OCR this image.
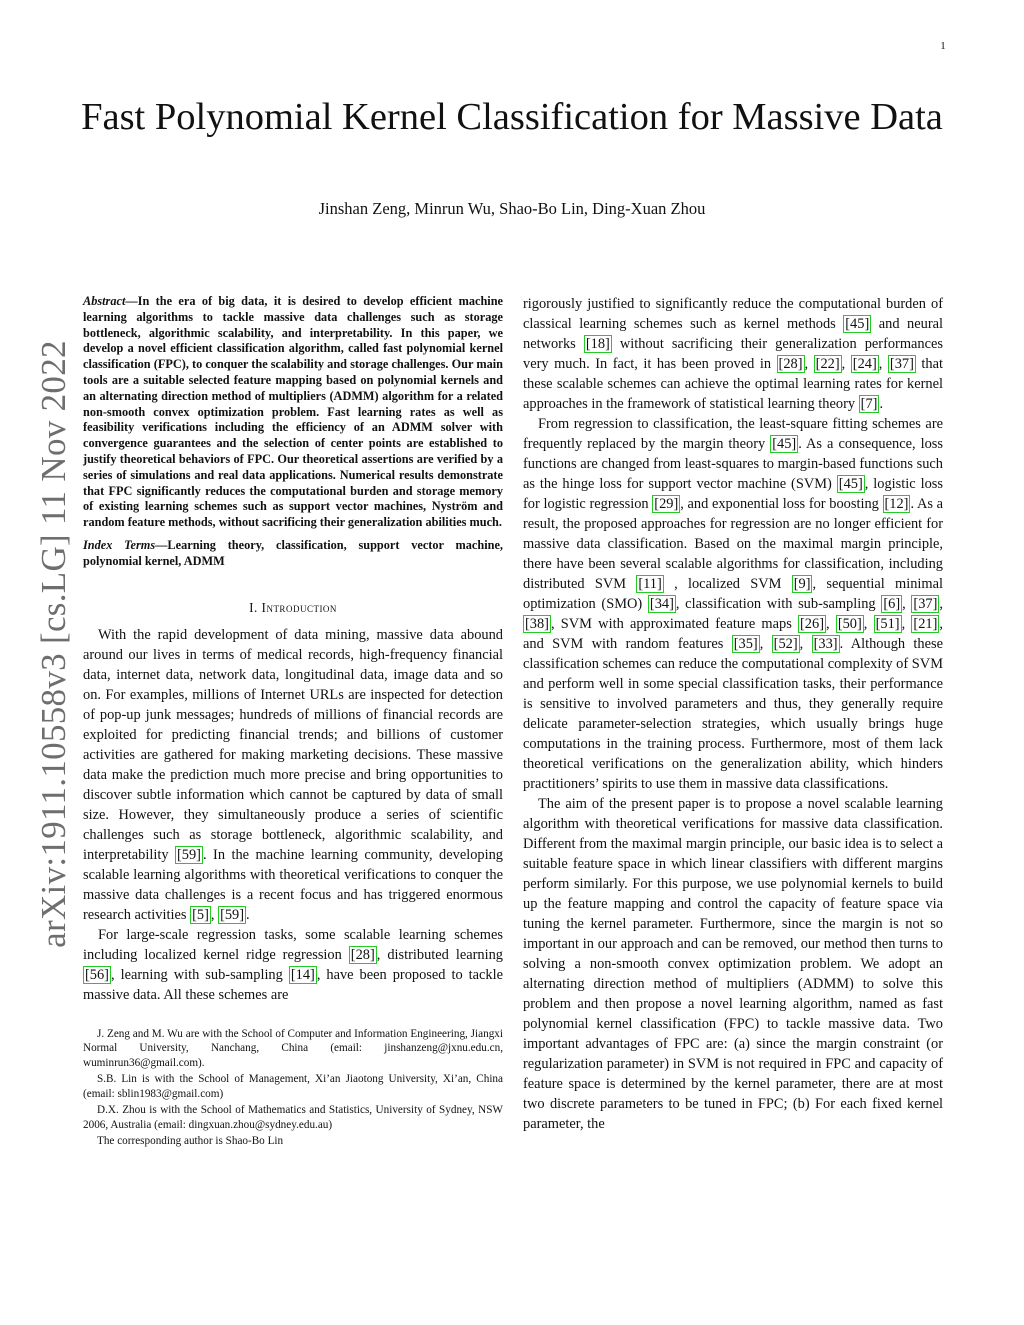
1
arXiv:1911.10558v3 [cs.LG] 11 Nov 2022
Fast Polynomial Kernel Classification for Massive Data
Jinshan Zeng, Minrun Wu, Shao-Bo Lin, Ding-Xuan Zhou

Abstract—In the era of big data, it is desired to develop efficient machine learning algorithms to tackle massive data challenges such as storage bottleneck, algorithmic scalability, and interpretability. In this paper, we develop a novel efficient classification algorithm, called fast polynomial kernel classification (FPC), to conquer the scalability and storage challenges. Our main tools are a suitable selected feature mapping based on polynomial kernels and an alternating direction method of multipliers (ADMM) algorithm for a related non-smooth convex optimization problem. Fast learning rates as well as feasibility verifications including the efficiency of an ADMM solver with convergence guarantees and the selection of center points are established to justify theoretical behaviors of FPC. Our theoretical assertions are verified by a series of simulations and real data applications. Numerical results demonstrate that FPC significantly reduces the computational burden and storage memory of existing learning schemes such as support vector machines, Nyström and random feature methods, without sacrificing their generalization abilities much.

Index Terms—Learning theory, classification, support vector machine, polynomial kernel, ADMM

I. Introduction

With the rapid development of data mining, massive data abound around our lives in terms of medical records, high-frequency financial data, internet data, network data, longitudinal data, image data and so on. For examples, millions of Internet URLs are inspected for detection of pop-up junk messages; hundreds of millions of financial records are exploited for predicting financial trends; and billions of customer activities are gathered for making marketing decisions. These massive data make the prediction much more precise and bring opportunities to discover subtle information which cannot be captured by data of small size. However, they simultaneously produce a series of scientific challenges such as storage bottleneck, algorithmic scalability, and interpretability [59] . In the machine learning community, developing scalable learning algorithms with theoretical verifications to conquer the massive data challenges is a recent focus and has triggered enormous research activities [5] , [59] .

For large-scale regression tasks, some scalable learning schemes including localized kernel ridge regression [28] , distributed learning [56] , learning with sub-sampling [14] , have been proposed to tackle massive data. All these schemes are

J. Zeng and M. Wu are with the School of Computer and Information Engineering, Jiangxi Normal University, Nanchang, China (email: jinshanzeng@jxnu.edu.cn, wuminrun36@gmail.com).

S.B. Lin is with the School of Management, Xi’an Jiaotong University, Xi’an, China (email: sblin1983@gmail.com)

D.X. Zhou is with the School of Mathematics and Statistics, University of Sydney, NSW 2006, Australia (email: dingxuan.zhou@sydney.edu.au)

The corresponding author is Shao-Bo Lin

rigorously justified to significantly reduce the computational burden of classical learning schemes such as kernel methods [45] and neural networks [18] without sacrificing their generalization performances very much. In fact, it has been proved in [28] , [22] , [24] , [37] that these scalable schemes can achieve the optimal learning rates for kernel approaches in the framework of statistical learning theory [7] .

From regression to classification, the least-square fitting schemes are frequently replaced by the margin theory [45] . As a consequence, loss functions are changed from least-squares to margin-based functions such as the hinge loss for support vector machine (SVM) [45] , logistic loss for logistic regression [29] , and exponential loss for boosting [12] . As a result, the proposed approaches for regression are no longer efficient for massive data classification. Based on the maximal margin principle, there have been several scalable algorithms for classification, including distributed SVM [11] , localized SVM [9] , sequential minimal optimization (SMO) [34] , classification with sub-sampling [6] , [37] , [38] , SVM with approximated feature maps [26] , [50] , [51] , [21] , and SVM with random features [35] , [52] , [33] . Although these classification schemes can reduce the computational complexity of SVM and perform well in some special classification tasks, their performance is sensitive to involved parameters and thus, they generally require delicate parameter-selection strategies, which usually brings huge computations in the training process. Furthermore, most of them lack theoretical verifications on the generalization ability, which hinders practitioners’ spirits to use them in massive data classifications.

The aim of the present paper is to propose a novel scalable learning algorithm with theoretical verifications for massive data classification. Different from the maximal margin principle, our basic idea is to select a suitable feature space in which linear classifiers with different margins perform similarly. For this purpose, we use polynomial kernels to build up the feature mapping and control the capacity of feature space via tuning the kernel parameter. Furthermore, since the margin is not so important in our approach and can be removed, our method then turns to solving a non-smooth convex optimization problem. We adopt an alternating direction method of multipliers (ADMM) to solve this problem and then propose a novel learning algorithm, named as fast polynomial kernel classification (FPC) to tackle massive data. Two important advantages of FPC are: (a) since the margin constraint (or regularization parameter) in SVM is not required in FPC and capacity of feature space is determined by the kernel parameter, there are at most two discrete parameters to be tuned in FPC; (b) For each fixed kernel parameter, the
